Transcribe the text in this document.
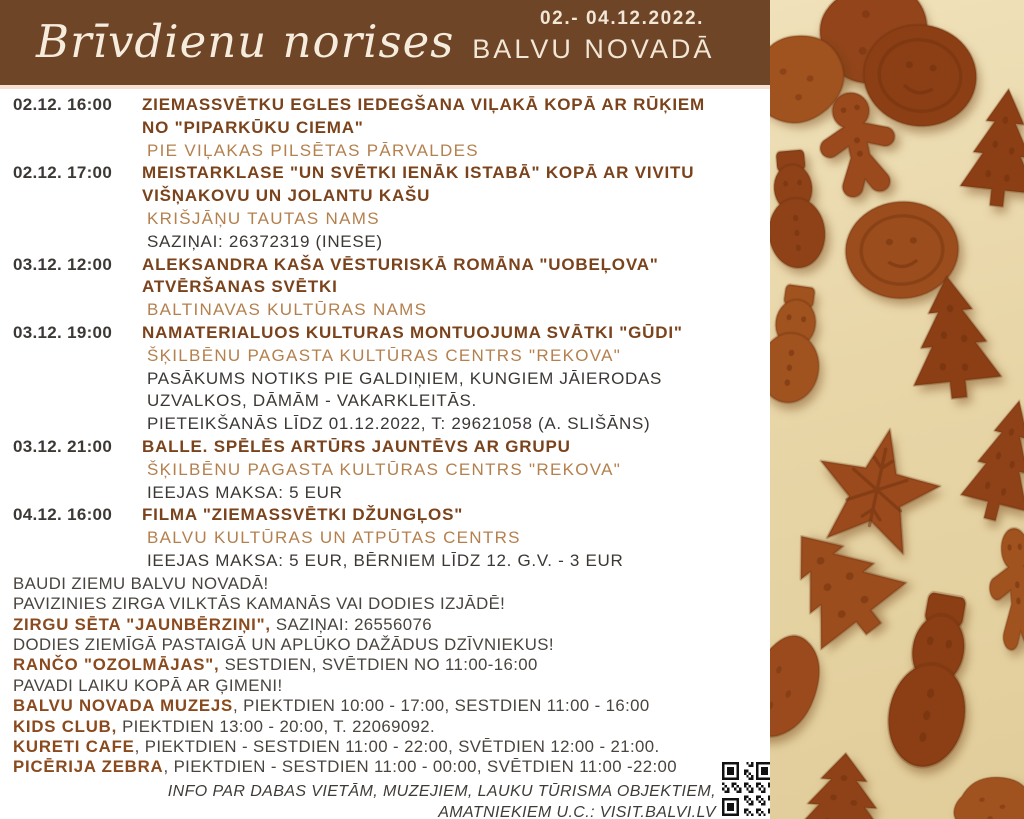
02.- 04.12.2022.
Brīvdienu norises BALVU NOVADĀ
02.12. 16:00	ZIEMASSVĒTKU EGLES IEDEGŠANA VIĻAKĀ KOPĀ AR RŪĶIEM
NO "PIPARKŪKU CIEMA"
PIE VIĻAKAS PILSĒTAS PĀRVALDES
02.12. 17:00	MEISTARKLASE "UN SVĒTKI IENĀK ISTABĀ" KOPĀ AR VIVITU
VIŠŅAKOVU UN JOLANTU KAŠU
KRIŠJĀŅU TAUTAS NAMS
SAZIŅAI: 26372319 (INESE)
03.12. 12:00	ALEKSANDRA KAŠA VĒSTURISKĀ ROMĀNA "UOBEĻOVA"
ATVĒRŠANAS SVĒTKI
BALTINAVAS KULTŪRAS NAMS
03.12. 19:00	NAMATERIALUOS KULTURAS MONTUOJUMA SVĀTKI "GŪDI"
ŠĶILBĒNU PAGASTA KULTŪRAS CENTRS "REKOVA"
PASĀKUMS NOTIKS PIE GALDIŅIEM, KUNGIEM JĀIERODAS
UZVALKOS, DĀMĀM - VAKARKLEITĀS.
PIETEIKŠANĀS LĪDZ 01.12.2022, T: 29621058 (A. SLIŠĀNS)
03.12. 21:00	BALLE. SPĒLĒS ARTŪRS JAUNTĒVS AR GRUPU
ŠĶILBĒNU PAGASTA KULTŪRAS CENTRS "REKOVA"
IEEJAS MAKSA: 5 EUR
04.12. 16:00	FILMA "ZIEMASSVĒTKI DŽUNGĻOS"
BALVU KULTŪRAS UN ATPŪTAS CENTRS
IEEJAS MAKSA: 5 EUR, BĒRNIEM LĪDZ 12. G.V. - 3 EUR
BAUDI ZIEMU BALVU NOVADĀ!
PAVIZINIES ZIRGA VILKTĀS KAMANĀS VAI DODIES IZJĀDĒ!
ZIRGU SĒTA "JAUNBĒRZIŅI", SAZIŅAI: 26556076
DODIES ZIEMĪGĀ PASTAIGĀ UN APLŪKO DAŽĀDUS DZĪVNIEKUS!
RANČO "OZOLMĀJAS", SESTDIEN, SVĒTDIEN NO 11:00-16:00
PAVADI LAIKU KOPĀ AR ĢIMENI!
BALVU NOVADA MUZEJS, PIEKTDIEN 10:00 - 17:00, SESTDIEN 11:00 - 16:00
KIDS CLUB, PIEKTDIEN 13:00 - 20:00, T. 22069092.
KURETI CAFE, PIEKTDIEN - SESTDIEN 11:00 - 22:00, SVĒTDIEN 12:00 - 21:00.
PICĒRIJA ZEBRA, PIEKTDIEN - SESTDIEN 11:00 - 00:00, SVĒTDIEN 11:00 -22:00
INFO PAR DABAS VIETĀM, MUZEJIEM, LAUKU TŪRISMA OBJEKTIEM,
AMATNIEKIEM U.C.: VISIT.BALVI.LV
